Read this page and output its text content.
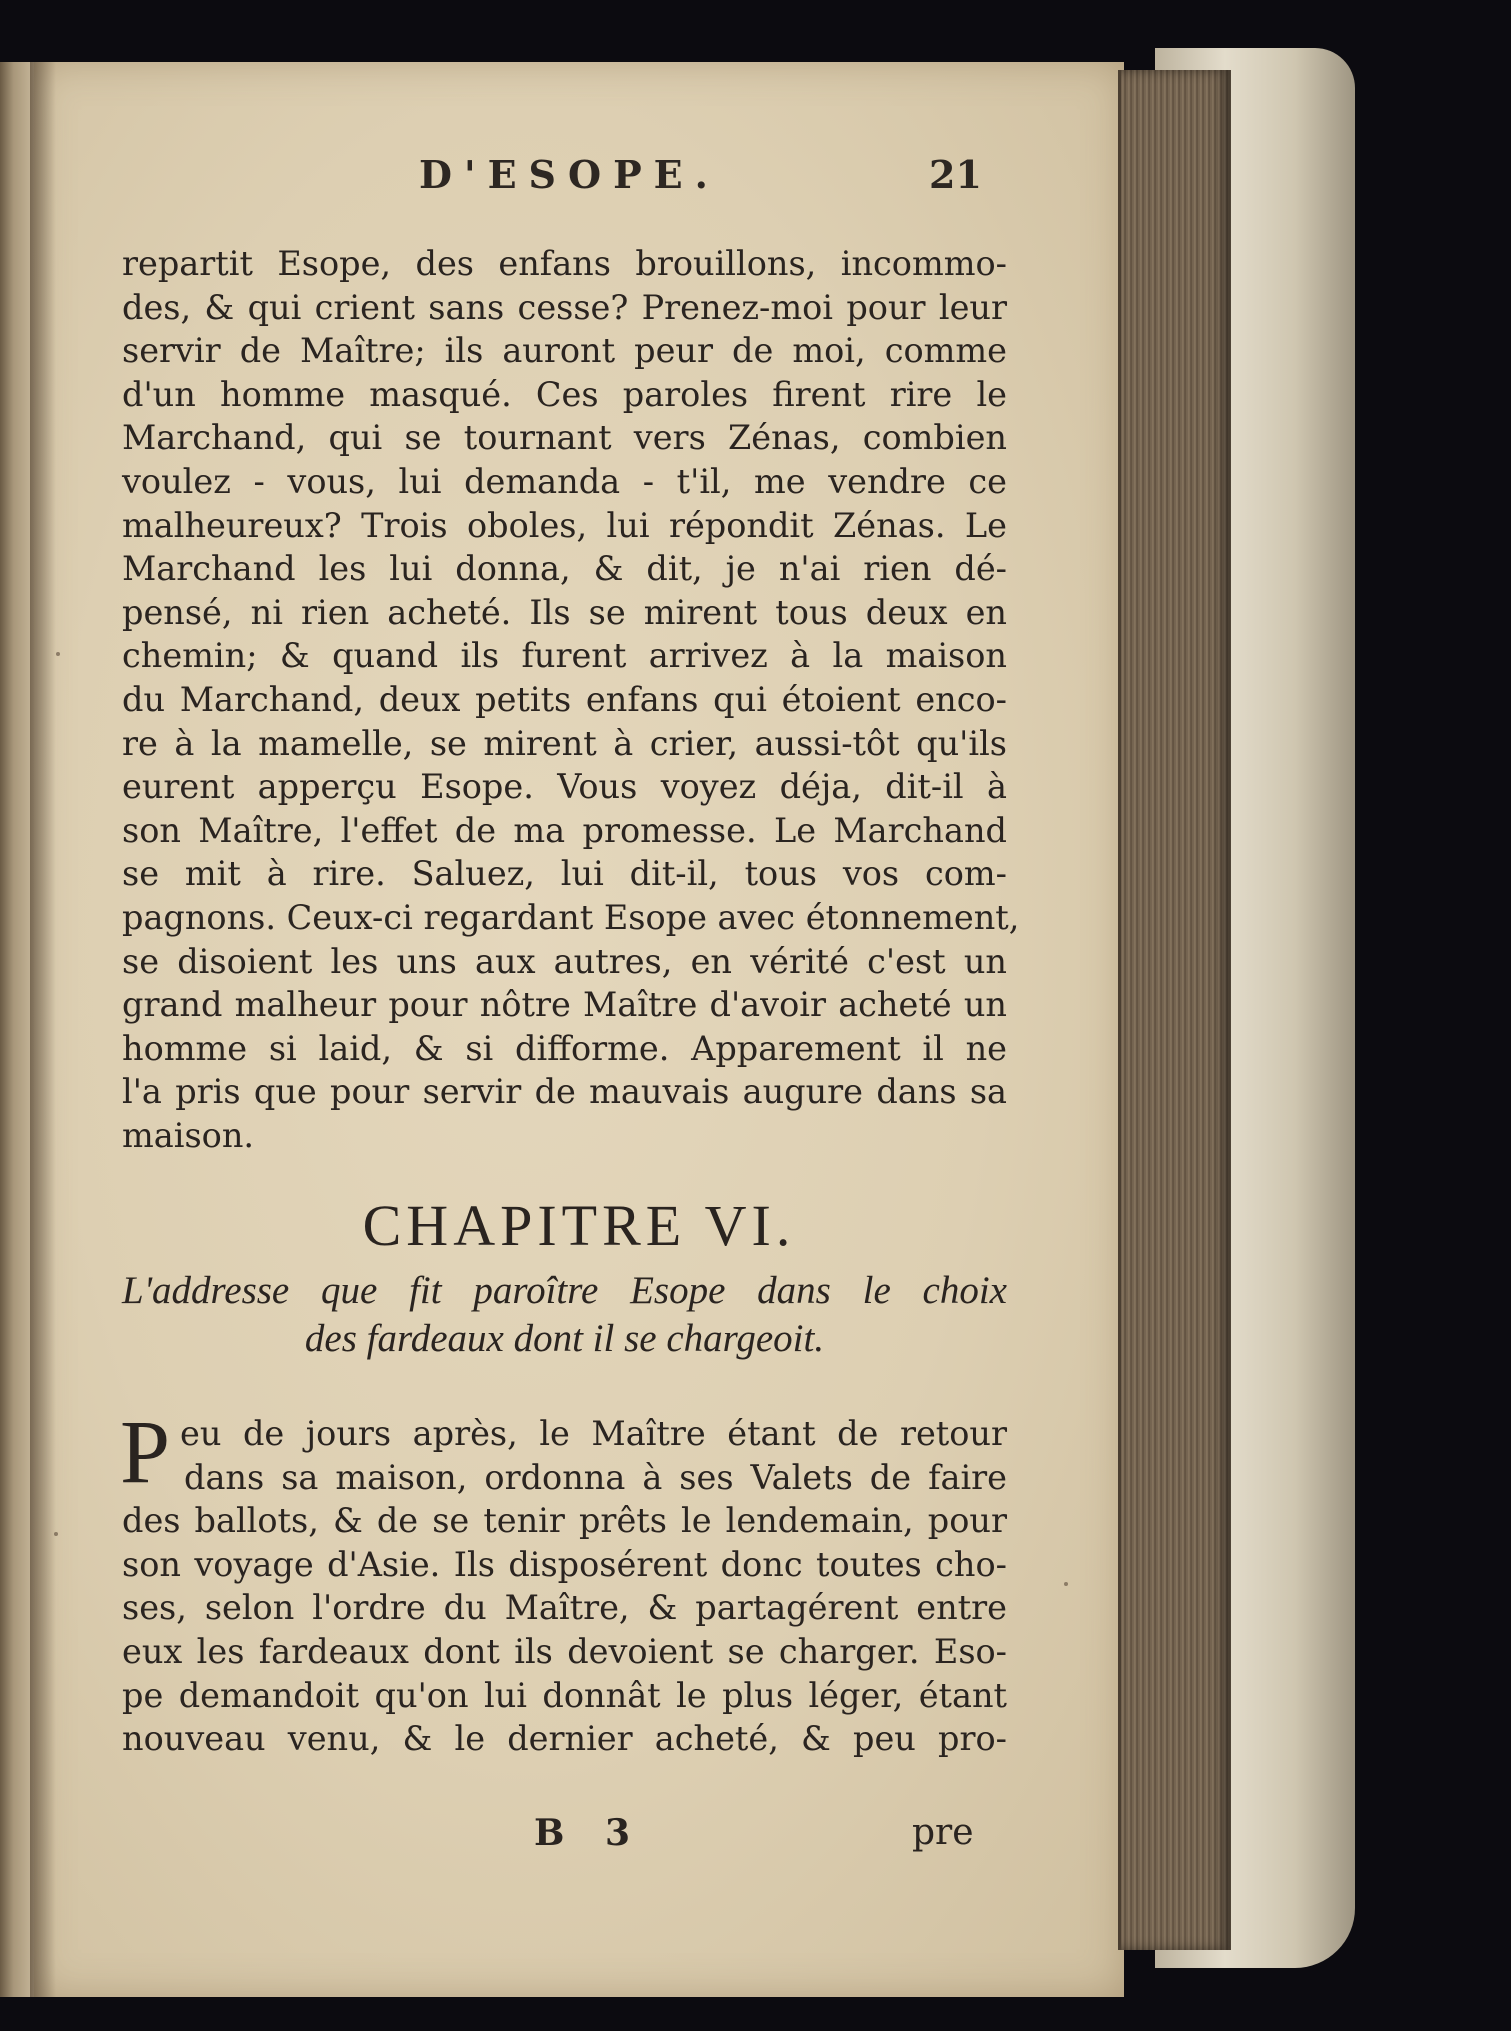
D'ESOPE.	21
repartit Esope, des enfans brouillons, incommo-
des, & qui crient sans cesse? Prenez-moi pour leur
servir de Maître; ils auront peur de moi, comme
d'un homme masqué. Ces paroles firent rire le
Marchand, qui se tournant vers Zénas, combien
voulez - vous, lui demanda - t'il, me vendre ce
malheureux? Trois oboles, lui répondit Zénas. Le
Marchand les lui donna, & dit, je n'ai rien dé-
pensé, ni rien acheté. Ils se mirent tous deux en
chemin; & quand ils furent arrivez à la maison
du Marchand, deux petits enfans qui étoient enco-
re à la mamelle, se mirent à crier, aussi-tôt qu'ils
eurent apperçu Esope. Vous voyez déja, dit-il à
son Maître, l'effet de ma promesse. Le Marchand
se mit à rire. Saluez, lui dit-il, tous vos com-
pagnons. Ceux-ci regardant Esope avec étonnement,
se disoient les uns aux autres, en vérité c'est un
grand malheur pour nôtre Maître d'avoir acheté un
homme si laid, & si difforme. Apparement il ne
l'a pris que pour servir de mauvais augure dans sa
maison.
CHAPITRE VI.
L'addresse que fit paroître Esope dans le choix
des fardeaux dont il se chargeoit.
P eu de jours après, le Maître étant de retour
dans sa maison, ordonna à ses Valets de faire
des ballots, & de se tenir prêts le lendemain, pour
son voyage d'Asie. Ils disposérent donc toutes cho-
ses, selon l'ordre du Maître, & partagérent entre
eux les fardeaux dont ils devoient se charger. Eso-
pe demandoit qu'on lui donnât le plus léger, étant
nouveau venu, & le dernier acheté, & peu pro-
B 3	pre
